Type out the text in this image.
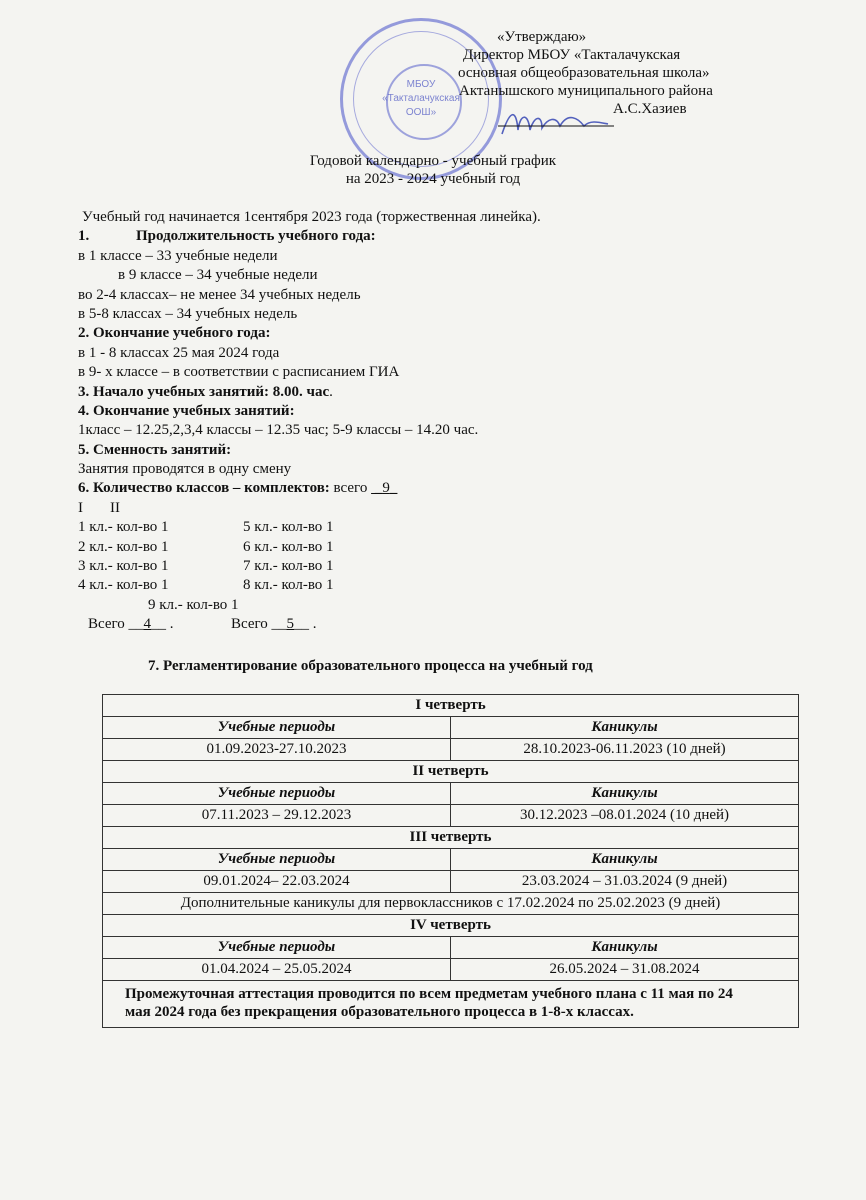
МБОУ
«Такталачукская
ООШ»
«Утверждаю»
Директор МБОУ «Такталачукская
основная общеобразовательная школа»
Актанышского муниципального района
А.С.Хазиев
Годовой календарно - учебный график
на 2023 - 2024 учебный год
Учебный год начинается 1сентября 2023 года (торжественная линейка).
1.	Продолжительность учебного года:
в 1 классе – 33 учебные недели
в 9 классе – 34 учебные недели
во 2-4 классах– не менее 34 учебных недель
в 5-8 классах – 34 учебных недель
2. Окончание учебного года:
в 1 - 8 классах 25 мая 2024 года
в 9- х классе – в соответствии с расписанием ГИА
3. Начало учебных занятий: 8.00. час.
4. Окончание учебных занятий:
1класс – 12.25,2,3,4 классы – 12.35 час; 5-9 классы – 14.20 час.
5. Сменность занятий:
Занятия проводятся в одну смену
6. Количество классов – комплектов: всего  _9_
I II
1 кл.- кол-во 1	5 кл.- кол-во 1
2 кл.- кол-во 1	6 кл.- кол-во 1
3 кл.- кол-во 1	7 кл.- кол-во 1
4 кл.- кол-во 1	8 кл.- кол-во 1
9 кл.- кол-во 1
Всего __4__ .	Всего __5__ .
7. Регламентирование образовательного процесса на учебный год
I четверть	
Учебные периоды	Каникулы
01.09.2023-27.10.2023	28.10.2023-06.11.2023 (10 дней)
II четверть	
Учебные периоды	Каникулы
07.11.2023 – 29.12.2023	30.12.2023 –08.01.2024 (10 дней)
III четверть	
Учебные периоды	Каникулы
09.01.2024– 22.03.2024	23.03.2024 – 31.03.2024 (9 дней)
Дополнительные каникулы для первоклассников с 17.02.2024 по 25.02.2023 (9 дней)	
IV четверть	
Учебные периоды	Каникулы
01.04.2024 – 25.05.2024	26.05.2024 – 31.08.2024
Промежуточная аттестация проводится по всем предметам учебного плана с 11 мая по 24 мая 2024 года без прекращения образовательного процесса в 1-8-х классах.	
